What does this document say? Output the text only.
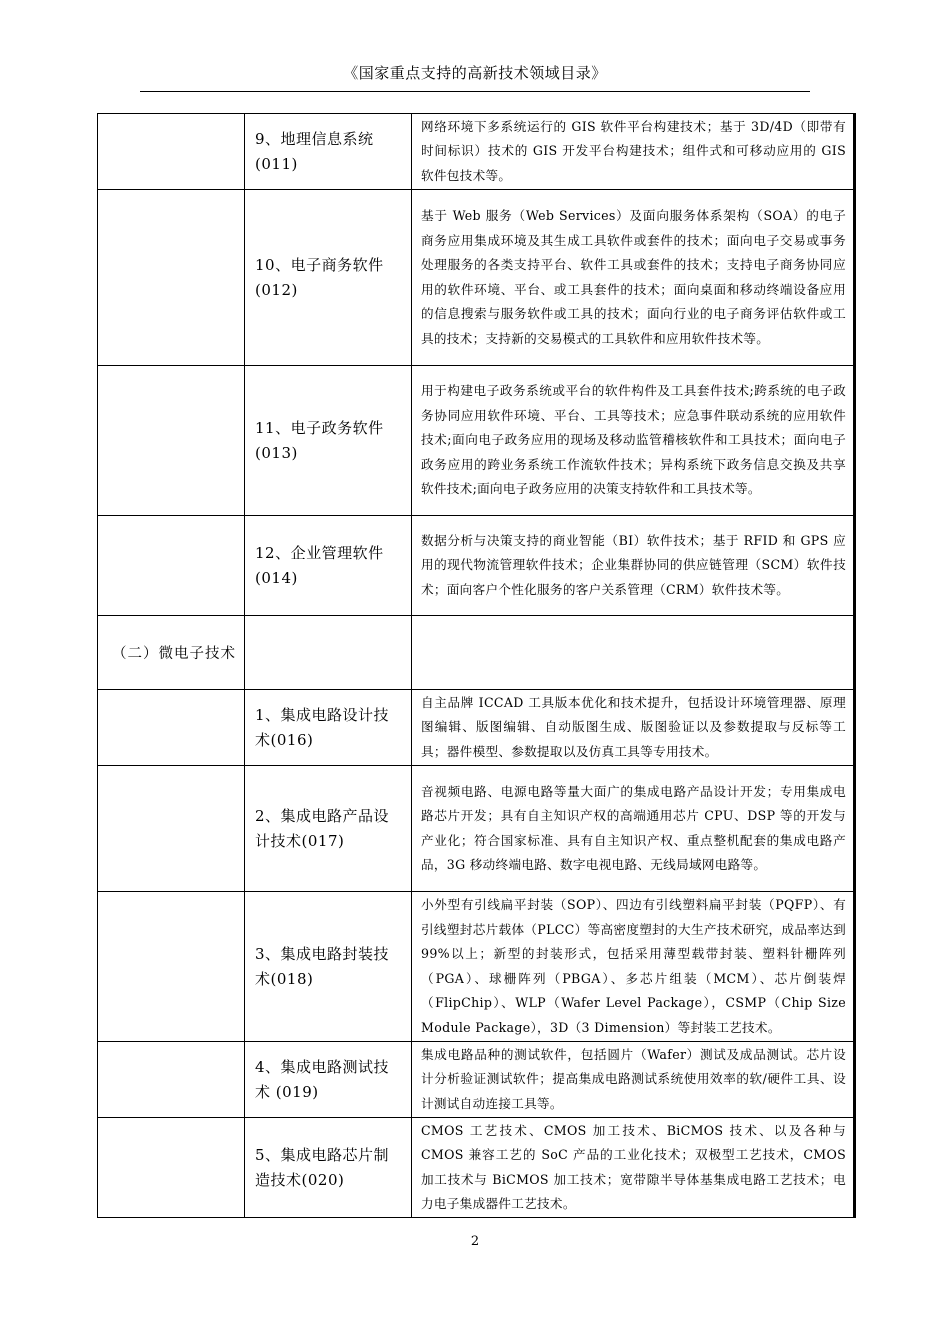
《国家重点支持的高新技术领域目录》

	9、地理信息系统(011)	网络环境下多系统运行的 GIS 软件平台构建技术；基于 3D/4D（即带有时间标识）技术的 GIS 开发平台构建技术；组件式和可移动应用的 GIS 软件包技术等。

	10、电子商务软件(012)	基于 Web 服务（Web Services）及面向服务体系架构（SOA）的电子商务应用集成环境及其生成工具软件或套件的技术；面向电子交易或事务处理服务的各类支持平台、软件工具或套件的技术；支持电子商务协同应用的软件环境、平台、或工具套件的技术；面向桌面和移动终端设备应用的信息搜索与服务软件或工具的技术；面向行业的电子商务评估软件或工具的技术；支持新的交易模式的工具软件和应用软件技术等。

	11、电子政务软件(013)	用于构建电子政务系统或平台的软件构件及工具套件技术;跨系统的电子政务协同应用软件环境、平台、工具等技术；应急事件联动系统的应用软件技术;面向电子政务应用的现场及移动监管稽核软件和工具技术；面向电子政务应用的跨业务系统工作流软件技术；异构系统下政务信息交换及共享软件技术;面向电子政务应用的决策支持软件和工具技术等。

	12、企业管理软件(014)	数据分析与决策支持的商业智能（BI）软件技术；基于 RFID 和 GPS 应用的现代物流管理软件技术；企业集群协同的供应链管理（SCM）软件技术；面向客户个性化服务的客户关系管理（CRM）软件技术等。

（二）微电子技术		

	1、集成电路设计技术(016)	自主品牌 ICCAD 工具版本优化和技术提升，包括设计环境管理器、原理图编辑、版图编辑、自动版图生成、版图验证以及参数提取与反标等工具；器件模型、参数提取以及仿真工具等专用技术。

	2、集成电路产品设计技术(017)	音视频电路、电源电路等量大面广的集成电路产品设计开发；专用集成电路芯片开发；具有自主知识产权的高端通用芯片 CPU、DSP 等的开发与产业化；符合国家标准、具有自主知识产权、重点整机配套的集成电路产品，3G 移动终端电路、数字电视电路、无线局域网电路等。

	3、集成电路封装技术(018)	小外型有引线扁平封装（SOP）、四边有引线塑料扁平封装（PQFP）、有引线塑封芯片载体（PLCC）等高密度塑封的大生产技术研究，成品率达到 99%以上；新型的封装形式，包括采用薄型载带封装、塑料针栅阵列（PGA）、球栅阵列（PBGA）、多芯片组装（MCM）、芯片倒装焊（FlipChip）、WLP（Wafer Level Package），CSMP（Chip Size Module Package），3D（3 Dimension）等封装工艺技术。

	4、集成电路测试技术 (019)	集成电路品种的测试软件，包括圆片（Wafer）测试及成品测试。芯片设计分析验证测试软件；提高集成电路测试系统使用效率的软/硬件工具、设计测试自动连接工具等。

	5、集成电路芯片制造技术(020)	CMOS 工艺技术、CMOS 加工技术、BiCMOS 技术、以及各种与 CMOS 兼容工艺的 SoC 产品的工业化技术；双极型工艺技术，CMOS 加工技术与 BiCMOS 加工技术；宽带隙半导体基集成电路工艺技术；电力电子集成器件工艺技术。
2
